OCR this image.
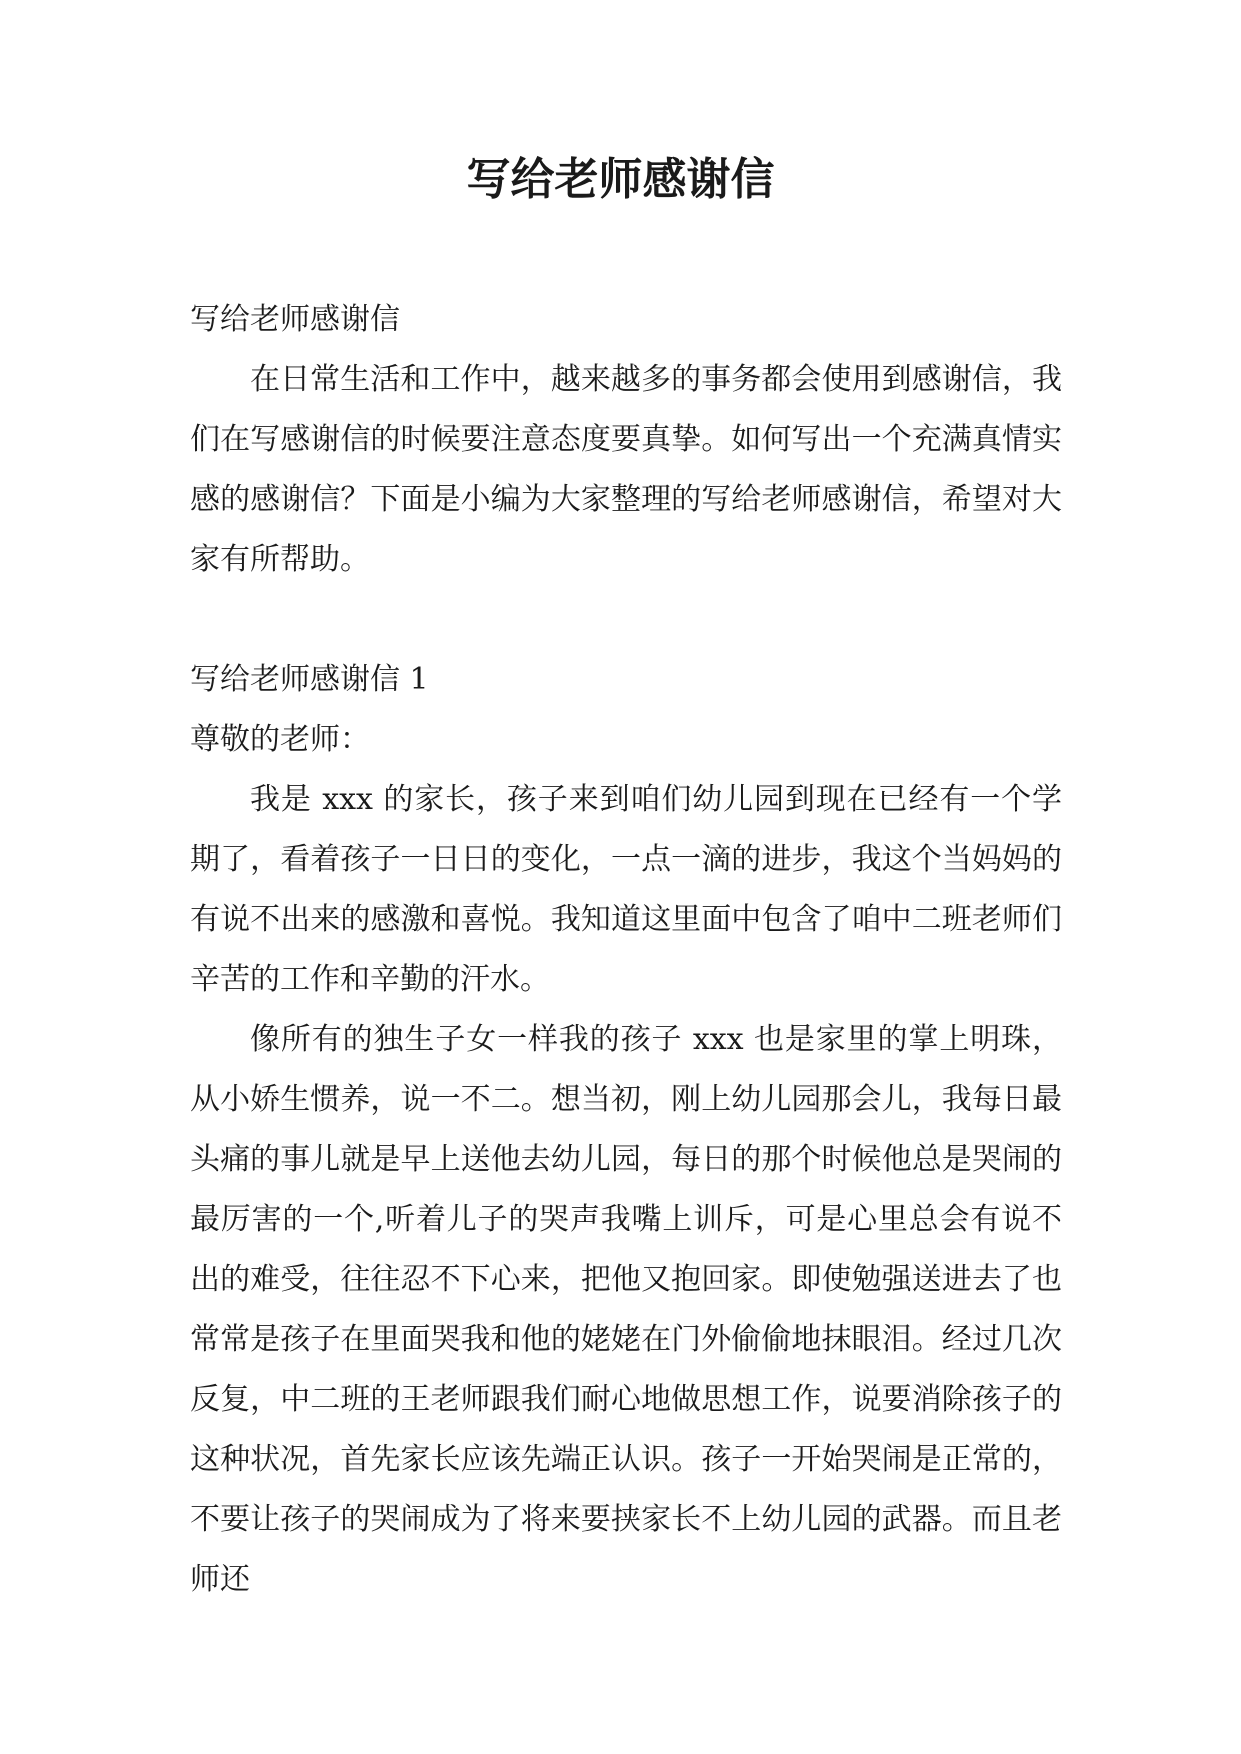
写给老师感谢信

写给老师感谢信

在日常生活和工作中，越来越多的事务都会使用到感谢信，我们在写感谢信的时候要注意态度要真挚。如何写出一个充满真情实感的感谢信？下面是小编为大家整理的写给老师感谢信，希望对大家有所帮助。

写给老师感谢信 1

尊敬的老师：

我是 xxx 的家长，孩子来到咱们幼儿园到现在已经有一个学期了，看着孩子一日日的变化，一点一滴的进步，我这个当妈妈的有说不出来的感激和喜悦。我知道这里面中包含了咱中二班老师们辛苦的工作和辛勤的汗水。

像所有的独生子女一样我的孩子 xxx 也是家里的掌上明珠，从小娇生惯养，说一不二。想当初，刚上幼儿园那会儿，我每日最头痛的事儿就是早上送他去幼儿园，每日的那个时候他总是哭闹的最厉害的一个,听着儿子的哭声我嘴上训斥，可是心里总会有说不出的难受，往往忍不下心来，把他又抱回家。即使勉强送进去了也常常是孩子在里面哭我和他的姥姥在门外偷偷地抹眼泪。经过几次反复，中二班的王老师跟我们耐心地做思想工作，说要消除孩子的这种状况，首先家长应该先端正认识。孩子一开始哭闹是正常的，不要让孩子的哭闹成为了将来要挟家长不上幼儿园的武器。而且老师还
